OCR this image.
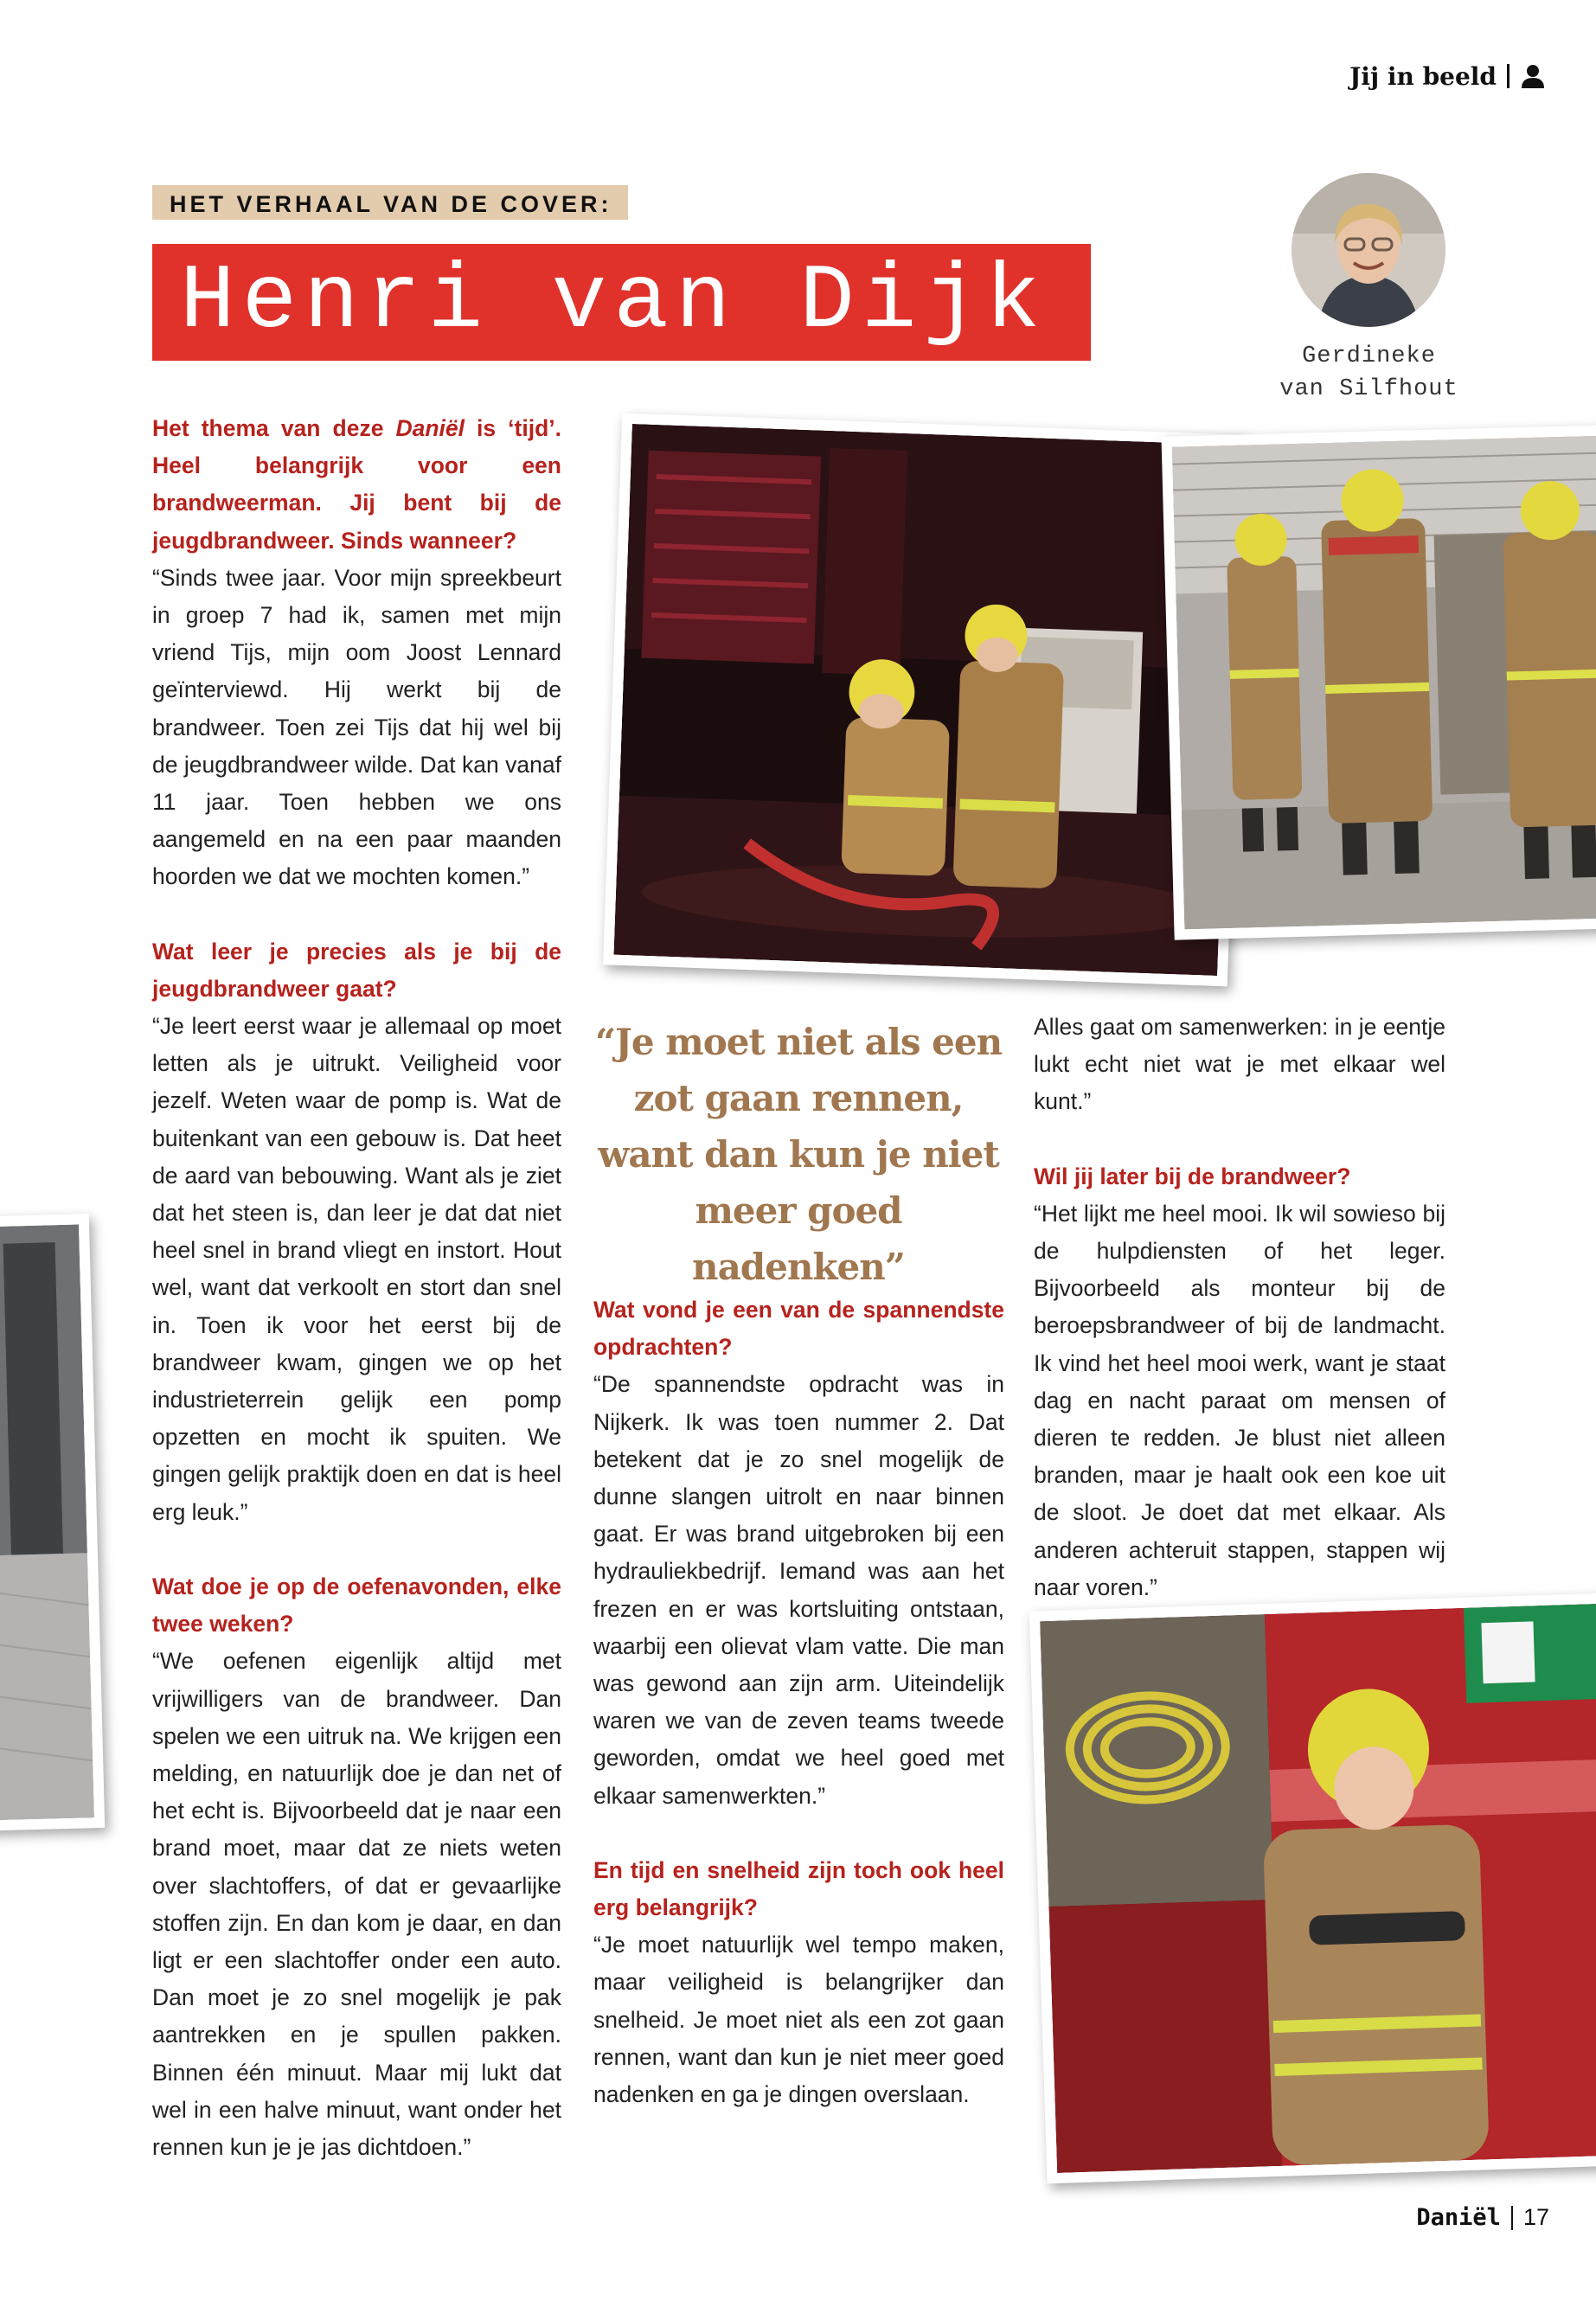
Jij in beeld
HET VERHAAL VAN DE COVER:
Henri van Dijk
Gerdineke
van Silfhout

Het thema van deze Daniël is ‘tijd’. Heel belangrijk voor een brandweerman. Jij bent bij de jeugdbrandweer. Sinds wanneer?

“Sinds twee jaar. Voor mijn spreekbeurt in groep 7 had ik, samen met mijn vriend Tijs, mijn oom Joost Lennard geïnterviewd. Hij werkt bij de brandweer. Toen zei Tijs dat hij wel bij de jeugdbrandweer wilde. Dat kan vanaf 11 jaar. Toen hebben we ons aangemeld en na een paar maanden hoorden we dat we mochten komen.”

Wat leer je precies als je bij de jeugdbrandweer gaat?

“Je leert eerst waar je allemaal op moet letten als je uitrukt. Veiligheid voor jezelf. Weten waar de pomp is. Wat de buitenkant van een gebouw is. Dat heet de aard van bebouwing. Want als je ziet dat het steen is, dan leer je dat dat niet heel snel in brand vliegt en instort. Hout wel, want dat verkoolt en stort dan snel in. Toen ik voor het eerst bij de brandweer kwam, gingen we op het industrieterrein gelijk een pomp opzetten en mocht ik spuiten. We gingen gelijk praktijk doen en dat is heel erg leuk.”

Wat doe je op de oefenavonden, elke twee weken?

“We oefenen eigenlijk altijd met vrijwilligers van de brandweer. Dan spelen we een uitruk na. We krijgen een melding, en natuurlijk doe je dan net of het echt is. Bijvoorbeeld dat je naar een brand moet, maar dat ze niets weten over slachtoffers, of dat er gevaarlijke stoffen zijn. En dan kom je daar, en dan ligt er een slachtoffer onder een auto. Dan moet je zo snel mogelijk je pak aantrekken en je spullen pakken. Binnen één minuut. Maar mij lukt dat wel in een halve minuut, want onder het rennen kun je je jas dichtdoen.”

“Je moet niet als een zot gaan rennen, want dan kun je niet meer goed nadenken”

Wat vond je een van de spannendste opdrachten?

“De spannendste opdracht was in Nijkerk. Ik was toen nummer 2. Dat betekent dat je zo snel mogelijk de dunne slangen uitrolt en naar binnen gaat. Er was brand uitgebroken bij een hydrauliekbedrijf. Iemand was aan het frezen en er was kortsluiting ontstaan, waarbij een olievat vlam vatte. Die man was gewond aan zijn arm. Uiteindelijk waren we van de zeven teams tweede geworden, omdat we heel goed met elkaar samenwerkten.”

En tijd en snelheid zijn toch ook heel erg belangrijk?

“Je moet natuurlijk wel tempo maken, maar veiligheid is belangrijker dan snelheid. Je moet niet als een zot gaan rennen, want dan kun je niet meer goed nadenken en ga je dingen overslaan.

Alles gaat om samenwerken: in je eentje lukt echt niet wat je met elkaar wel kunt.”

Wil jij later bij de brandweer?

“Het lijkt me heel mooi. Ik wil sowieso bij de hulpdiensten of het leger. Bijvoorbeeld als monteur bij de beroepsbrandweer of bij de landmacht. Ik vind het heel mooi werk, want je staat dag en nacht paraat om mensen of dieren te redden. Je blust niet alleen branden, maar je haalt ook een koe uit de sloot. Je doet dat met elkaar. Als anderen achteruit stappen, stappen wij naar voren.”

Daniël 17
